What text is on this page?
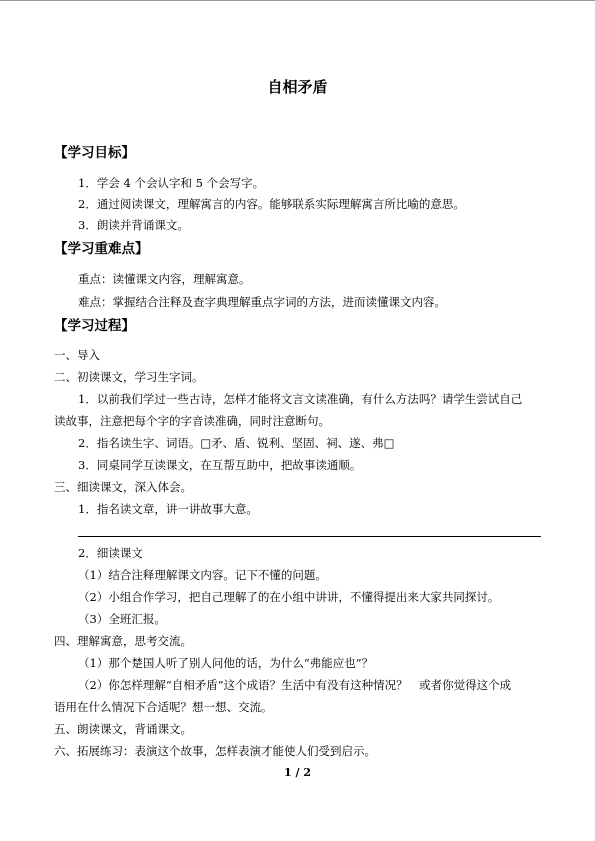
自相矛盾
【学习目标】
1．学会 4 个会认字和 5 个会写字。
2．通过阅读课文，理解寓言的内容。能够联系实际理解寓言所比喻的意思。
3．朗读并背诵课文。
【学习重难点】
重点：读懂课文内容，理解寓意。
难点：掌握结合注释及查字典理解重点字词的方法，进而读懂课文内容。
【学习过程】
一、导入
二、初读课文，学习生字词。
1．以前我们学过一些古诗，怎样才能将文言文读准确，有什么方法吗？请学生尝试自己
读故事，注意把每个字的字音读准确，同时注意断句。
2．指名读生字、词语。□矛、盾、锐利、坚固、祠、遂、弗□
3．同桌同学互读课文，在互帮互助中，把故事读通顺。
三、细读课文，深入体会。
1．指名读文章，讲一讲故事大意。
2．细读课文
（1）结合注释理解课文内容。记下不懂的问题。
（2）小组合作学习，把自己理解了的在小组中讲讲，不懂得提出来大家共同探讨。
（3）全班汇报。
四、理解寓意，思考交流。
（1）那个楚国人听了别人问他的话，为什么“弗能应也”？
（2）你怎样理解“自相矛盾”这个成语？生活中有没有这种情况？　或者你觉得这个成
语用在什么情况下合适呢？想一想、交流。
五、朗读课文，背诵课文。
六、拓展练习：表演这个故事，怎样表演才能使人们受到启示。
1 / 2
